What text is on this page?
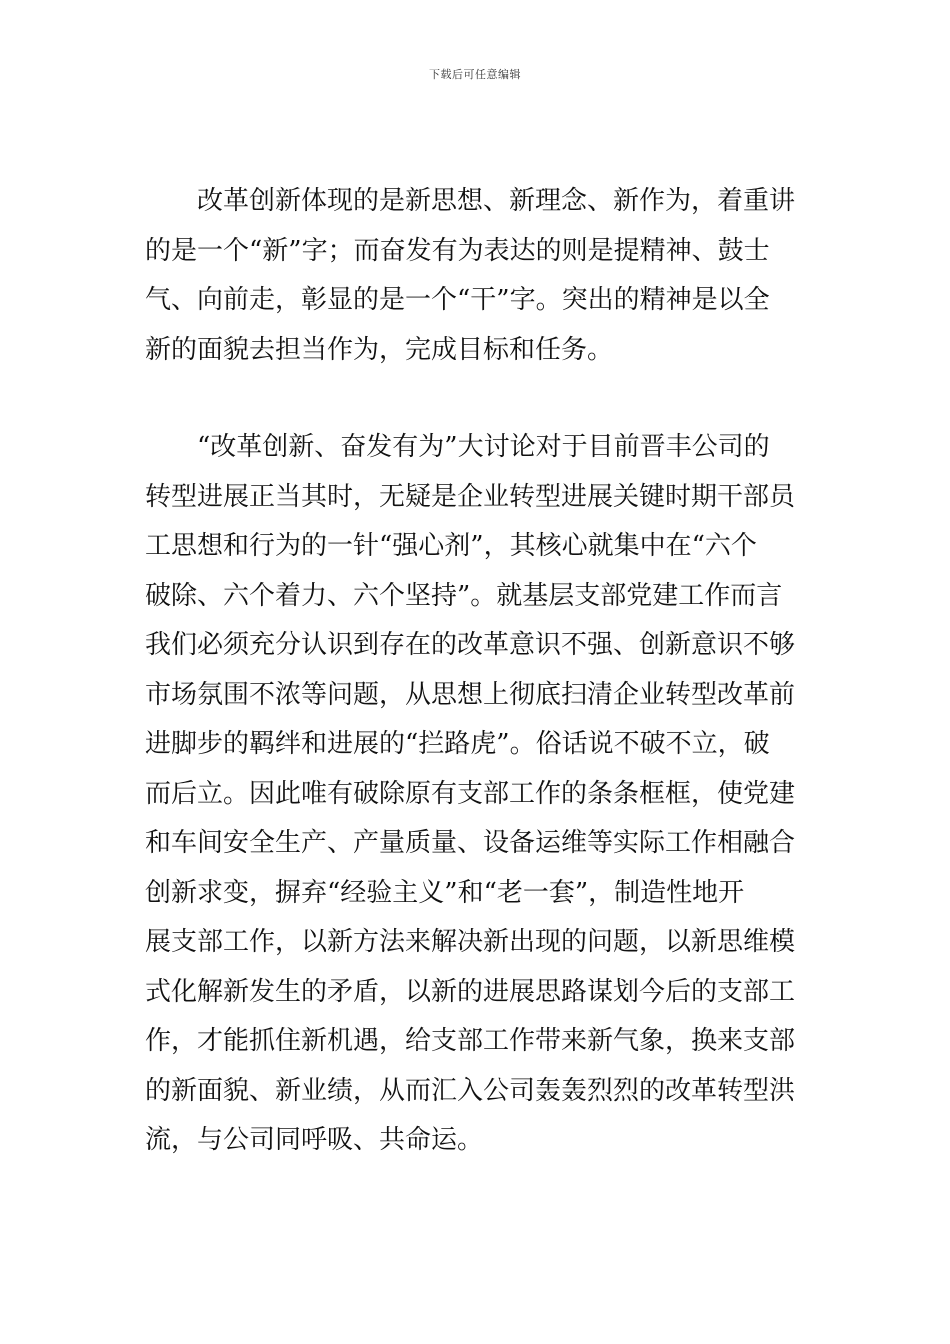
下载后可任意编辑
改革创新体现的是新思想、新理念、新作为，着重讲
的是一个“新”字；而奋发有为表达的则是提精神、鼓士
气、向前走，彰显的是一个“干”字。突出的精神是以全
新的面貌去担当作为，完成目标和任务。
“改革创新、奋发有为”大讨论对于目前晋丰公司的
转型进展正当其时，无疑是企业转型进展关键时期干部员
工思想和行为的一针“强心剂”，其核心就集中在“六个
破除、六个着力、六个坚持”。就基层支部党建工作而言
我们必须充分认识到存在的改革意识不强、创新意识不够
市场氛围不浓等问题，从思想上彻底扫清企业转型改革前
进脚步的羁绊和进展的“拦路虎”。俗话说不破不立，破
而后立。因此唯有破除原有支部工作的条条框框，使党建
和车间安全生产、产量质量、设备运维等实际工作相融合
创新求变，摒弃“经验主义”和“老一套”，制造性地开
展支部工作，以新方法来解决新出现的问题，以新思维模
式化解新发生的矛盾，以新的进展思路谋划今后的支部工
作，才能抓住新机遇，给支部工作带来新气象，换来支部
的新面貌、新业绩，从而汇入公司轰轰烈烈的改革转型洪
流，与公司同呼吸、共命运。
